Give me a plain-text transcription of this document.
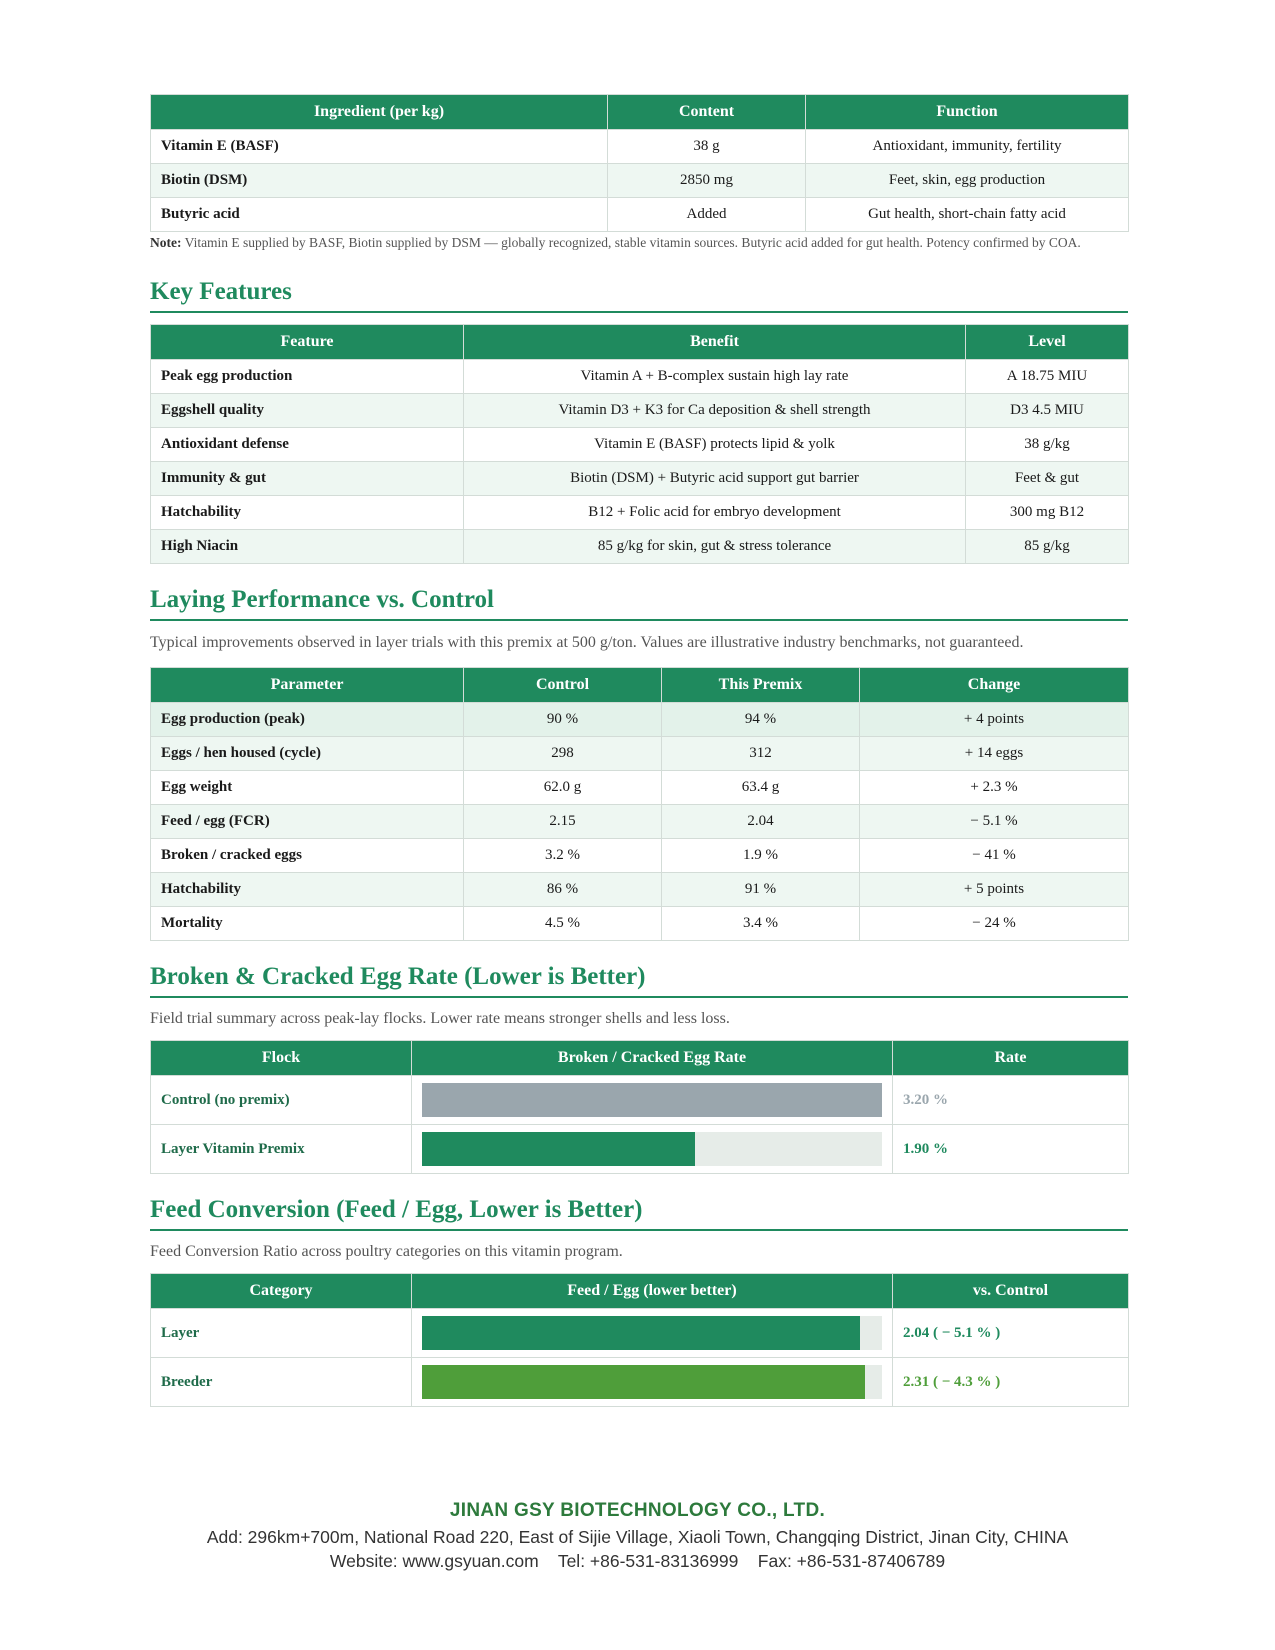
Ingredient (per kg)	Content	Function
Vitamin E (BASF)	38 g	Antioxidant, immunity, fertility
Biotin (DSM)	2850 mg	Feet, skin, egg production
Butyric acid	Added	Gut health, short-chain fatty acid
Note: Vitamin E supplied by BASF, Biotin supplied by DSM — globally recognized, stable vitamin sources. Butyric acid added for gut health. Potency confirmed by COA.
Key Features
Feature	Benefit	Level
Peak egg production	Vitamin A + B-complex sustain high lay rate	A 18.75 MIU
Eggshell quality	Vitamin D3 + K3 for Ca deposition & shell strength	D3 4.5 MIU
Antioxidant defense	Vitamin E (BASF) protects lipid & yolk	38 g/kg
Immunity & gut	Biotin (DSM) + Butyric acid support gut barrier	Feet & gut
Hatchability	B12 + Folic acid for embryo development	300 mg B12
High Niacin	85 g/kg for skin, gut & stress tolerance	85 g/kg
Laying Performance vs. Control
Typical improvements observed in layer trials with this premix at 500 g/ton. Values are illustrative industry benchmarks, not guaranteed.
Parameter	Control	This Premix	Change
Egg production (peak)	90 %	94 %	+ 4 points
Eggs / hen housed (cycle)	298	312	+ 14 eggs
Egg weight	62.0 g	63.4 g	+ 2.3 %
Feed / egg (FCR)	2.15	2.04	− 5.1 %
Broken / cracked eggs	3.2 %	1.9 %	− 41 %
Hatchability	86 %	91 %	+ 5 points
Mortality	4.5 %	3.4 %	− 24 %
Broken & Cracked Egg Rate (Lower is Better)
Field trial summary across peak-lay flocks. Lower rate means stronger shells and less loss.
Flock	Broken / Cracked Egg Rate	Rate
Control (no premix)		3.20 %
Layer Vitamin Premix		1.90 %
Feed Conversion (Feed / Egg, Lower is Better)
Feed Conversion Ratio across poultry categories on this vitamin program.
Category	Feed / Egg (lower better)	vs. Control
Layer		2.04 ( − 5.1 % )
Breeder		2.31 ( − 4.3 % )
JINAN GSY BIOTECHNOLOGY CO., LTD.
Add: 296km+700m, National Road 220, East of Sijie Village, Xiaoli Town, Changqing District, Jinan City, CHINA
Website: www.gsyuan.com    Tel: +86-531-83136999    Fax: +86-531-87406789
